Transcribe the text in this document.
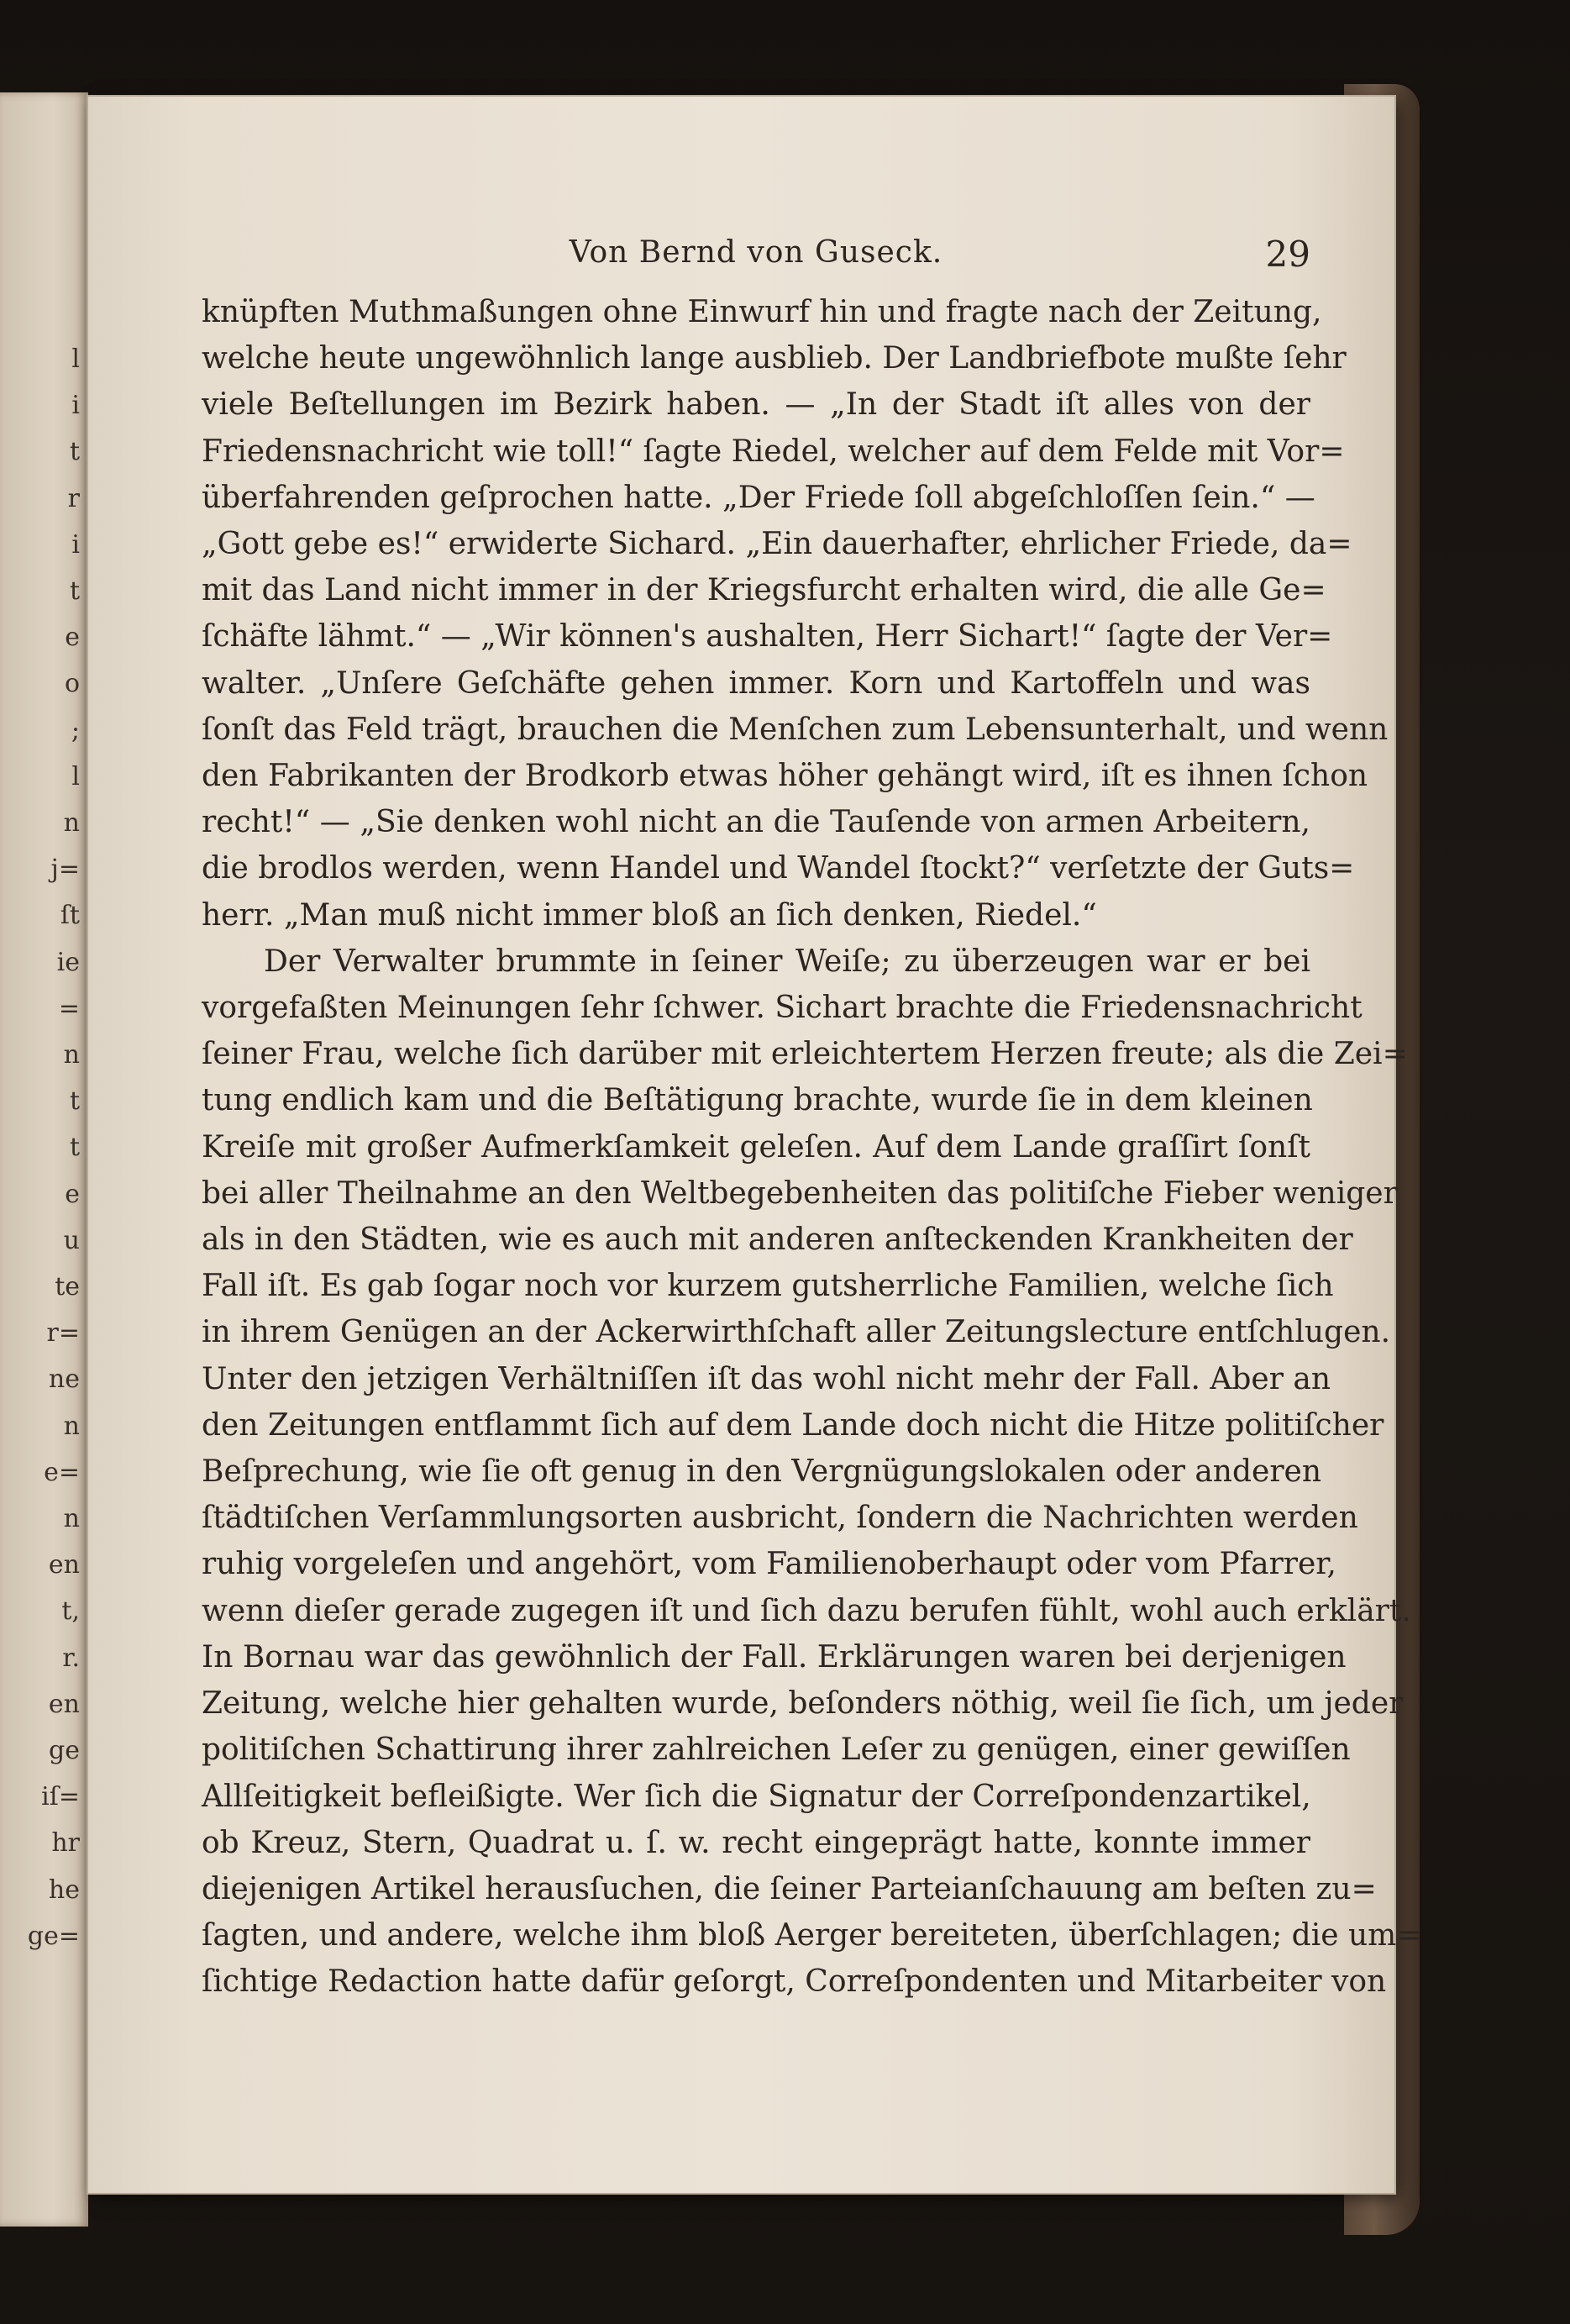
l
i
t
r
i
t
e
o
;
l
n
j=
ſt
ie
=
n
t
t
e
u
te
r=
ne
n
e=
n
en
t,
r.
en
ge
iſ=
hr
he
ge=
Von Bernd von Guseck.	29
knüpften Muthmaßungen ohne Einwurf hin und fragte nach der Zeitung,
welche heute ungewöhnlich lange ausblieb. Der Landbriefbote mußte ſehr
viele Beſtellungen im Bezirk haben. — „In der Stadt iſt alles von der
Friedensnachricht wie toll!“ ſagte Riedel, welcher auf dem Felde mit Vor=
überfahrenden geſprochen hatte. „Der Friede ſoll abgeſchloſſen ſein.“ —
„Gott gebe es!“ erwiderte Sichard. „Ein dauerhafter, ehrlicher Friede, da=
mit das Land nicht immer in der Kriegsfurcht erhalten wird, die alle Ge=
ſchäfte lähmt.“ — „Wir können's aushalten, Herr Sichart!“ ſagte der Ver=
walter. „Unſere Geſchäfte gehen immer. Korn und Kartoffeln und was
ſonſt das Feld trägt, brauchen die Menſchen zum Lebensunterhalt, und wenn
den Fabrikanten der Brodkorb etwas höher gehängt wird, iſt es ihnen ſchon
recht!“ — „Sie denken wohl nicht an die Tauſende von armen Arbeitern,
die brodlos werden, wenn Handel und Wandel ſtockt?“ verſetzte der Guts=
herr. „Man muß nicht immer bloß an ſich denken, Riedel.“
Der Verwalter brummte in ſeiner Weiſe; zu überzeugen war er bei
vorgefaßten Meinungen ſehr ſchwer. Sichart brachte die Friedensnachricht
ſeiner Frau, welche ſich darüber mit erleichtertem Herzen freute; als die Zei=
tung endlich kam und die Beſtätigung brachte, wurde ſie in dem kleinen
Kreiſe mit großer Aufmerkſamkeit geleſen. Auf dem Lande graſſirt ſonſt
bei aller Theilnahme an den Weltbegebenheiten das politiſche Fieber weniger
als in den Städten, wie es auch mit anderen anſteckenden Krankheiten der
Fall iſt. Es gab ſogar noch vor kurzem gutsherrliche Familien, welche ſich
in ihrem Genügen an der Ackerwirthſchaft aller Zeitungslecture entſchlugen.
Unter den jetzigen Verhältniſſen iſt das wohl nicht mehr der Fall. Aber an
den Zeitungen entflammt ſich auf dem Lande doch nicht die Hitze politiſcher
Beſprechung, wie ſie oft genug in den Vergnügungslokalen oder anderen
ſtädtiſchen Verſammlungsorten ausbricht, ſondern die Nachrichten werden
ruhig vorgeleſen und angehört, vom Familienoberhaupt oder vom Pfarrer,
wenn dieſer gerade zugegen iſt und ſich dazu berufen fühlt, wohl auch erklärt.
In Bornau war das gewöhnlich der Fall. Erklärungen waren bei derjenigen
Zeitung, welche hier gehalten wurde, beſonders nöthig, weil ſie ſich, um jeder
politiſchen Schattirung ihrer zahlreichen Leſer zu genügen, einer gewiſſen
Allſeitigkeit befleißigte. Wer ſich die Signatur der Correſpondenzartikel,
ob Kreuz, Stern, Quadrat u. ſ. w. recht eingeprägt hatte, konnte immer
diejenigen Artikel herausſuchen, die ſeiner Parteianſchauung am beſten zu=
ſagten, und andere, welche ihm bloß Aerger bereiteten, überſchlagen; die um=
ſichtige Redaction hatte dafür geſorgt, Correſpondenten und Mitarbeiter von
